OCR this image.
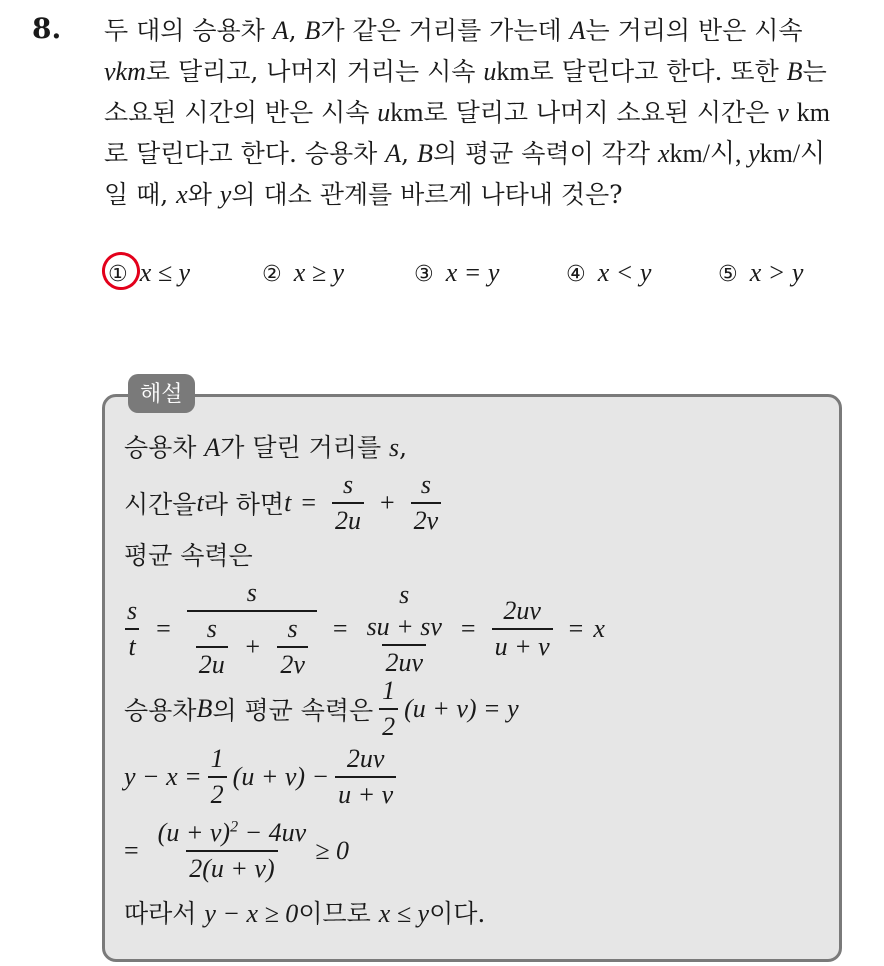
8. 두 대의 승용차 A, B가 같은 거리를 가는데 A는 거리의 반은 시속
vkm로 달리고, 나머지 거리는 시속 ukm로 달린다고 한다. 또한 B는
소요된 시간의 반은 시속 ukm로 달리고 나머지 소요된 시간은 v km
로 달린다고 한다. 승용차 A, B의 평균 속력이 각각 xkm/시, ykm/시
일 때, x와 y의 대소 관계를 바르게 나타내 것은?
① x ≤ y	② x ≥ y	③ x = y	④ x < y	⑤ x > y
해설
승용차 A가 달린 거리를 s,
시간을 t 라 하면 $t = \frac{s}{2u} + \frac{s}{2v}$
평균 속력은
$\frac{s}{t} = \frac{s}{\frac{s}{2u} + \frac{s}{2v}}$ =
s
$\frac{su + sv}{2uv} = \frac{2uv}{u + v} = x$
승용차 B 의 평균 속력은 $\frac{1}{2} (u + v) = y$
$y - x = \frac{1}{2} (u + v) - \frac{2uv}{u + v}$
= $\frac{(u + v)^2 - 4uv}{2(u + v)} \ge 0$
따라서 y − x ≥ 0이므로 x ≤ y이다.
